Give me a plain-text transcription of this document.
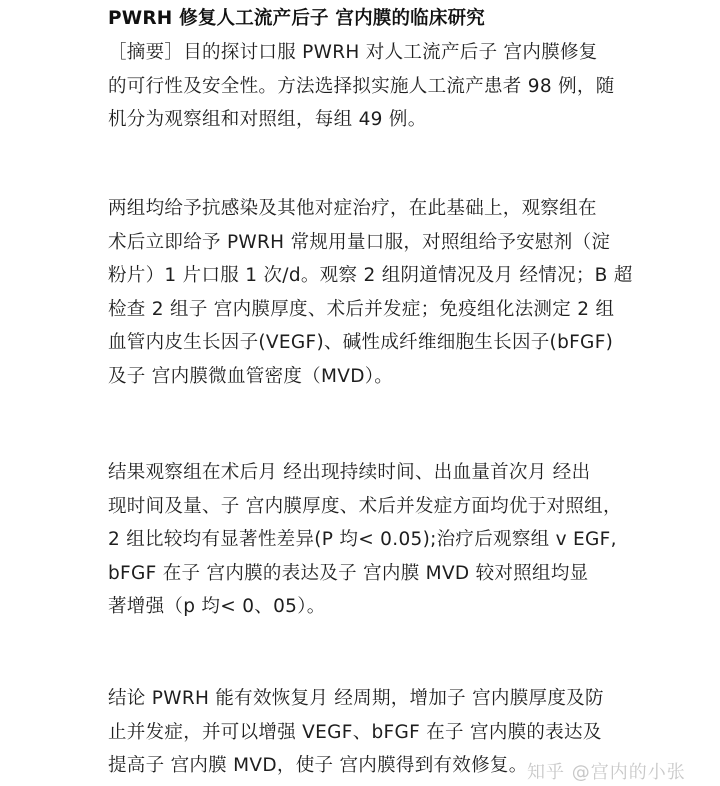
PWRH 修复人工流产后子 宫内膜的临床研究
［摘要］目的探讨口服 PWRH 对人工流产后子 宫内膜修复
的可行性及安全性。方法选择拟实施人工流产患者 98 例，随
机分为观察组和对照组，每组 49 例。
两组均给予抗感染及其他对症治疗，在此基础上，观察组在
术后立即给予 PWRH 常规用量口服，对照组给予安慰剂（淀
粉片）1 片口服 1 次/d。观察 2 组阴道情况及月 经情况；B 超
检查 2 组子 宫内膜厚度、术后并发症；免疫组化法测定 2 组
血管内皮生长因子(VEGF)、碱性成纤维细胞生长因子(bFGF)
及子 宫内膜微血管密度（MVD）。
结果观察组在术后月 经出现持续时间、出血量首次月 经出
现时间及量、子 宫内膜厚度、术后并发症方面均优于对照组，
2 组比较均有显著性差异(P 均< 0.05);治疗后观察组 v EGF,
bFGF 在子 宫内膜的表达及子 宫内膜 MVD 较对照组均显
著增强（p 均< 0、05）。
结论 PWRH 能有效恢复月 经周期，增加子 宫内膜厚度及防
止并发症，并可以增强 VEGF、bFGF 在子 宫内膜的表达及
提高子 宫内膜 MVD，使子 宫内膜得到有效修复。 知乎 @宫内的小张
